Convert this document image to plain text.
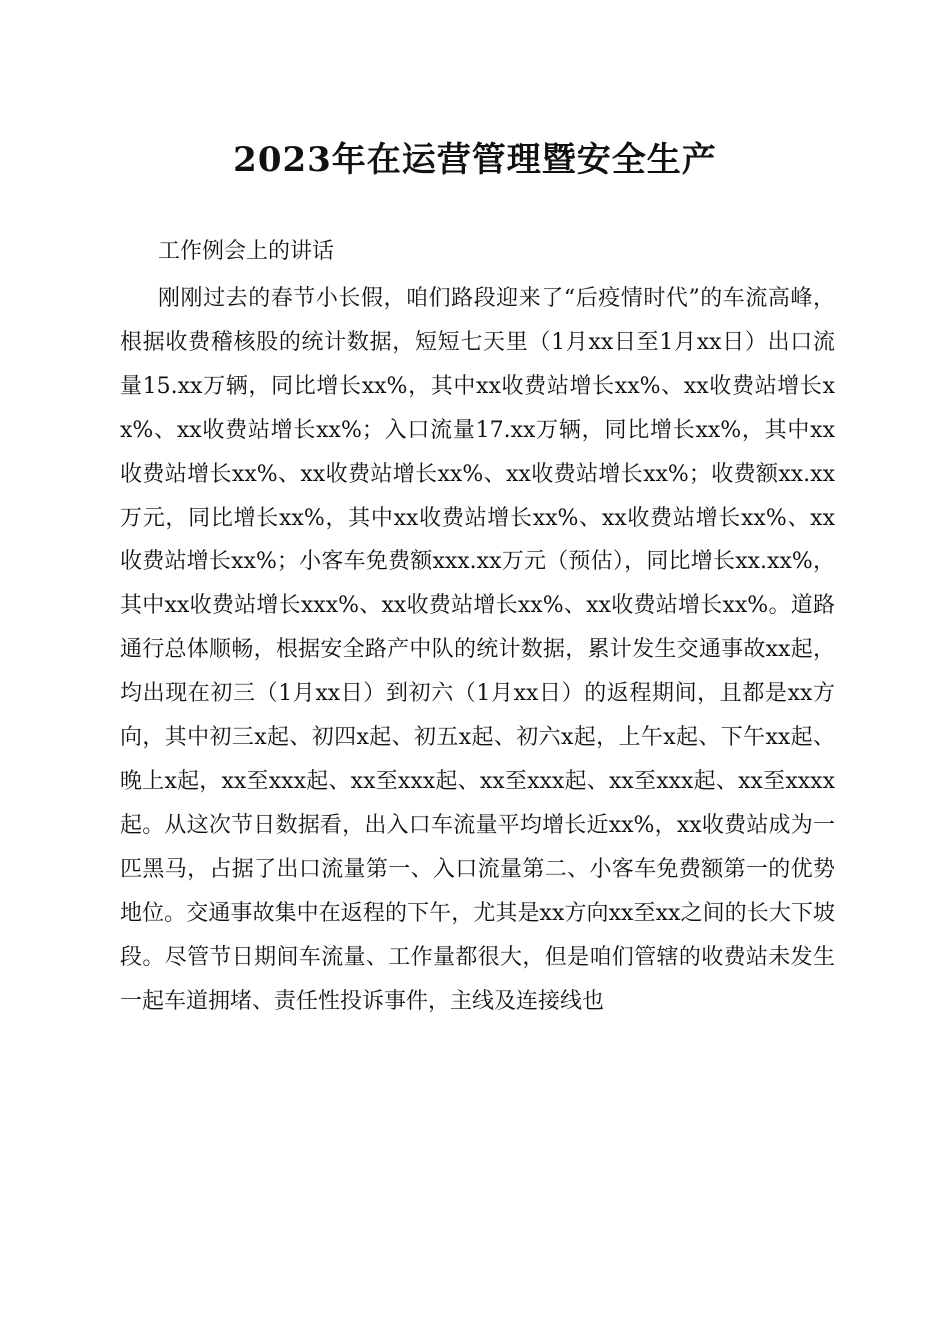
2023年在运营管理暨安全生产
工作例会上的讲话

刚刚过去的春节小长假，咱们路段迎来了“后疫情时代”的车流高峰，根据收费稽核股的统计数据，短短七天里（1月xx日至1月xx日）出口流量15.xx万辆，同比增长xx%，其中xx收费站增长xx%、xx收费站增长xx%、xx收费站增长xx%；入口流量17.xx万辆，同比增长xx%，其中xx收费站增长xx%、xx收费站增长xx%、xx收费站增长xx%；收费额xx.xx万元，同比增长xx%，其中xx收费站增长xx%、xx收费站增长xx%、xx收费站增长xx%；小客车免费额xxx.xx万元（预估），同比增长xx.xx%，其中xx收费站增长xxx%、xx收费站增长xx%、xx收费站增长xx%。道路通行总体顺畅，根据安全路产中队的统计数据，累计发生交通事故xx起，均出现在初三（1月xx日）到初六（1月xx日）的返程期间，且都是xx方向，其中初三x起、初四x起、初五x起、初六x起，上午x起、下午xx起、晚上x起，xx至xxx起、xx至xxx起、xx至xxx起、xx至xxx起、xx至xxxx起。从这次节日数据看，出入口车流量平均增长近xx%，xx收费站成为一匹黑马，占据了出口流量第一、入口流量第二、小客车免费额第一的优势地位。交通事故集中在返程的下午，尤其是xx方向xx至xx之间的长大下坡段。尽管节日期间车流量、工作量都很大，但是咱们管辖的收费站未发生一起车道拥堵、责任性投诉事件，主线及连接线也
